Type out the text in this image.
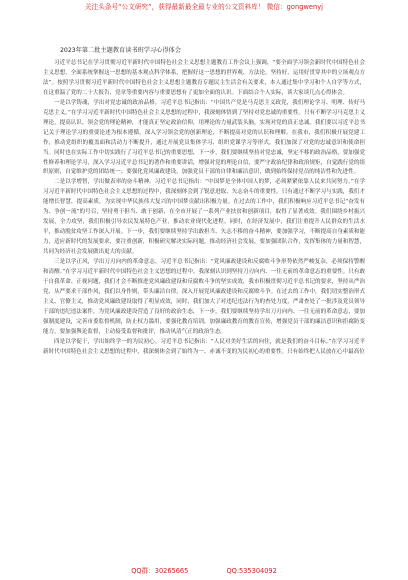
关注头条号“公文研究”，获得最新最全最专业的公文资料库！ 微信：gongwenyj
2023年第二批主题教育读书班学习心得体会

习近平总书记在学习贯彻习近平新时代中国特色社会主义思想主题教育工作会议上强调，“要全面学习领会新时代中国特色社会主义思想，全面系统掌握这一思想的基本观点科学体系，把握好这一思想的世界观、方法论，坚持好、运用好贯穿其中的立场观点方法”。按照学习贯彻习近平新时代中国特色社会主义思想主题教育专题民主生活会有关要求，本人通过集中学习和个人自学等方式，在这重温了党的二十大报告、党章等重要内容与重要思想有了更加全面的认识。下面结合个人实际，谈大家谈几点心得体会。

一是以学铸魂，学出对党忠诚的政治品格。习近平总书记指出：“中国共产党是马克思主义政党，我们理论学习、明理、传好马克思主义。”在学习习近平新时代中国特色社会主义思想的过程中，我深刻体悟到了坚持对党忠诚的重要性。只有不断学习马克思主义理论，提高认识、领会党的理论精神，才能真正坚定政治信仰，用理论的力量武装头脑，实现对党的真正忠诚。我们要以习近平总书记关于理论学习的重要论述为根本遵循，深入学习领会党的创新理论，不断提高对党的认识和理解。在我市，我们积极开展党建工作，推动党组织的覆盖面和活动力不断提升，通过开展党员集体学习、组织党课学习等形式，我们加深了对党的忠诚意识和使命担当。同时也在实际工作中切实践行了习近平总书记的重要思想，下一步，我们要继续坚持对党忠诚，坚定不移的政治品格，要加强党性修养和理论学习，深入学习习近平总书记的著作和重要讲话，增强对党的理论自信，要严守政治纪律和政治规矩，自觉践行党的组织原则，自觉维护党的团结统一；要强化党风廉政建设，加强党员干部的自律和廉洁意识，做到始终保持党员的纯洁性和先进性。

二是以学增智，学出做表率的奋斗精神。习近平总书记指出：“中国梦是全体中国人的梦，必须紧紧依靠人民来共同努力。”在学习习近平新时代中国特色社会主义思想的过程中，我深刻体会到了锐意进取、矢志奋斗的重要性。只有通过不断学习与实践，我们才能增长智慧，提高素质，为实现中华民族伟大复兴的中国梦贡献出积极力量。在过去的工作中，我们积极响应习近平总书记“奋发有为、争创一流”的号召，坚持勇于担当、敢于创新，在全市开展了一系列产业扶贫和创新项目，取得了显著成效。我们围绕乡村振兴发展，全力攻坚，我们积极引导农民发展特色产业，推动农业现代化进程。同时，在经济发展中，我们注重提升人民群众的生活水平，推动脱贫攻坚工作深入开展。下一步，我们要继续坚持学出敢担当、矢志不移的奋斗精神，要加强学习，不断提高自身素质和能力，适应新时代的发展要求，要注重创新，积极研究解决实际问题，推动经济社会发展，要加强团队合作，发挥集体的力量和智慧，共同为经济社会发展做出更大的贡献。

三是以学正风，学出刀刃向内的革命意志。习近平总书记指出：“党风廉政建设和反腐败斗争形势依然严峻复杂，必须保持警醒和清醒。”在学习习近平新时代中国特色社会主义思想的过程中，我深刻认识到坚持刀刃向内、一往无前的革命意志的重要性。只有敢于自我革命、正视问题，我们才会不断推进党风廉政建设和反腐败斗争的坚实成效，我市积极贯彻习近平总书记的要求，坚持从严治党、从严要求干部作风，我们以身作则，带头廉洁自律，深入开展党风廉政建设和反腐败斗争。在过去的工作中，我们切实整治形式主义、官僚主义，推动党风廉政建设取得了明显成效，同时，我们加大了对违纪违法行为的查处力度，严肃查处了一批涉及党员领导干部的违纪违法案件，为党风廉政建设营造了良好的政治生态，下一步，我们要继续坚持学出刀刃向内、一往无前的革命意志，要加强制度建设，完善市委监督机制，防止权力滥用，要强化教育培训，加强廉政教育的教育宣传，增强党员干部的廉洁意识和拒腐防变能力，要加强舆论监督，主动接受监督和批评，推动风清气正的政治生态。

四是以学促干，学出始终学一的为民初心。习近平总书记指出：“人民对美好生活的向往，就是我们的奋斗目标。”在学习习近平新时代中国特色社会主义思想的过程中，我深刻体会到了始终为一、赤诚不变的为民初心的重要性。只有始终把人民放在心中最高位

QQ群：30265665	QQ:535304092
